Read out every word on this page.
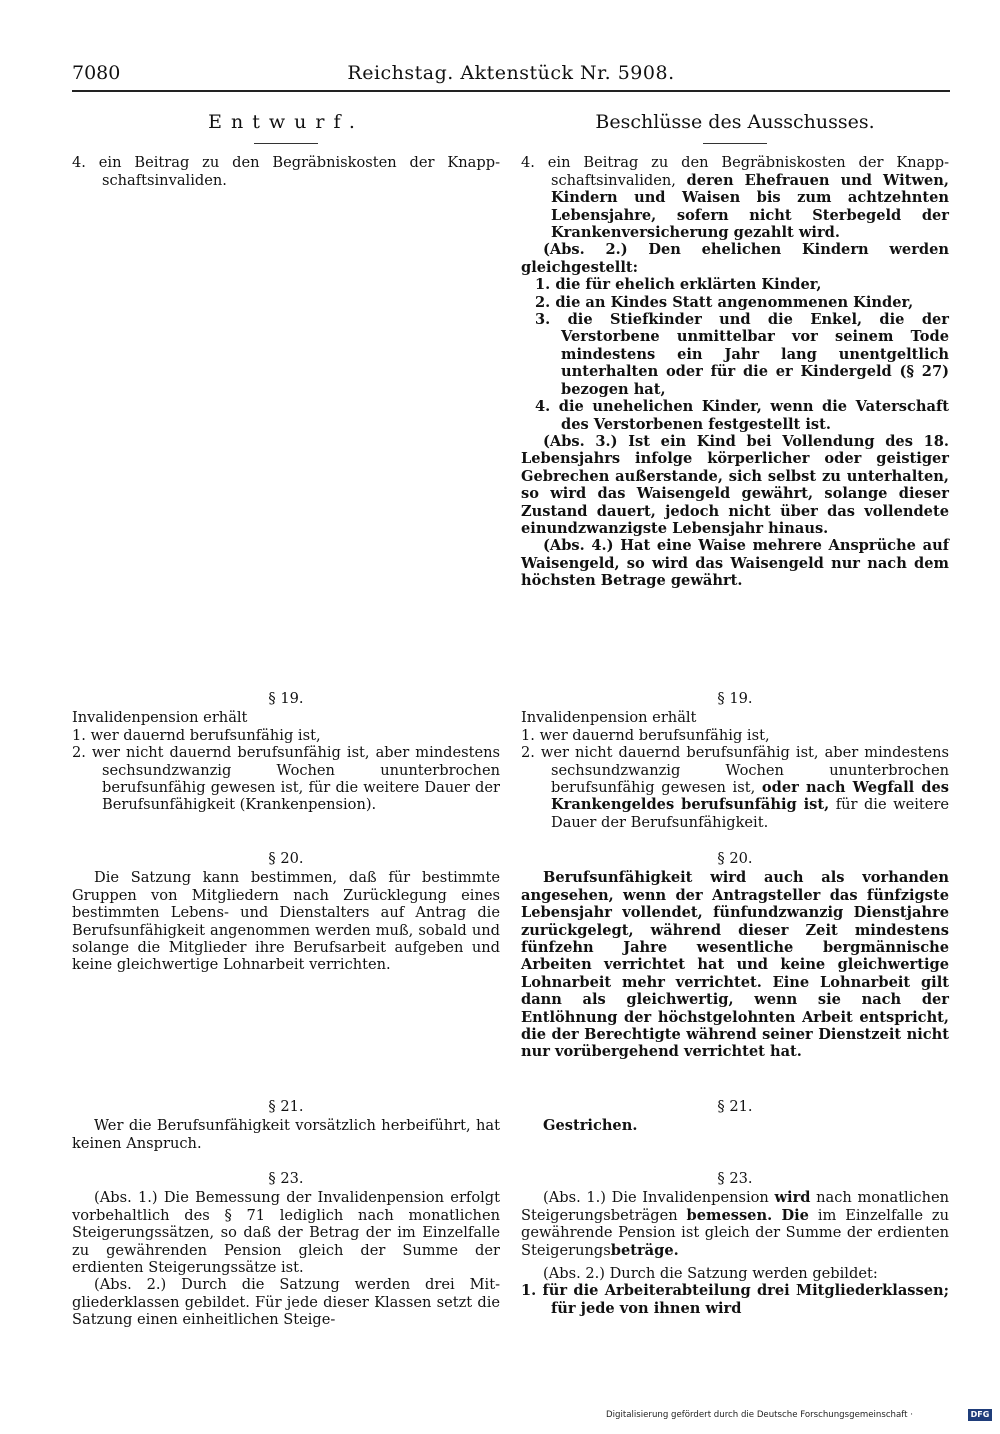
7080	Reichstag. Aktenstück Nr. 5908.
Entwurf.

4. ein Beitrag zu den Begräbniskosten der Knappschaftsinvaliden.

§ 19.

Invalidenpension erhält

1. wer dauernd berufsunfähig ist,

2. wer nicht dauernd berufsunfähig ist, aber mindestens sechsundzwanzig Wochen ununterbrochen berufsunfähig gewesen ist, für die weitere Dauer der Berufsunfähigkeit (Krankenpension).

§ 20.

Die Satzung kann bestimmen, daß für bestimmte Gruppen von Mitgliedern nach Zurücklegung eines bestimmten Lebens- und Dienstalters auf Antrag die Berufsunfähigkeit angenommen werden muß, sobald und solange die Mitglieder ihre Berufsarbeit aufgeben und keine gleichwertige Lohnarbeit verrichten.

§ 21.

Wer die Berufsunfähigkeit vorsätzlich herbeiführt, hat keinen Anspruch.

§ 23.

(Abs. 1.) Die Bemessung der Invalidenpension erfolgt vorbehaltlich des § 71 lediglich nach monatlichen Steigerungssätzen, so daß der Betrag der im Einzelfalle zu gewährenden Pension gleich der Summe der erdienten Steigerungssätze ist.

(Abs. 2.) Durch die Satzung werden drei Mitgliederklassen gebildet. Für jede dieser Klassen setzt die Satzung einen einheitlichen Steige-

Beschlüsse des Ausschusses.

4. ein Beitrag zu den Begräbniskosten der Knappschaftsinvaliden, deren Ehefrauen und Witwen, Kindern und Waisen bis zum achtzehnten Lebensjahre, sofern nicht Sterbegeld der Krankenversicherung gezahlt wird.

(Abs. 2.) Den ehelichen Kindern werden gleichgestellt:

1. die für ehelich erklärten Kinder,

2. die an Kindes Statt angenommenen Kinder,

3. die Stiefkinder und die Enkel, die der Verstorbene unmittelbar vor seinem Tode mindestens ein Jahr lang unentgeltlich unterhalten oder für die er Kindergeld (§ 27) bezogen hat,

4. die unehelichen Kinder, wenn die Vaterschaft des Verstorbenen festgestellt ist.

(Abs. 3.) Ist ein Kind bei Vollendung des 18. Lebensjahrs infolge körperlicher oder geistiger Gebrechen außerstande, sich selbst zu unterhalten, so wird das Waisengeld gewährt, solange dieser Zustand dauert, jedoch nicht über das vollendete einundzwanzigste Lebensjahr hinaus.

(Abs. 4.) Hat eine Waise mehrere Ansprüche auf Waisengeld, so wird das Waisengeld nur nach dem höchsten Betrage gewährt.

§ 19.

Invalidenpension erhält

1. wer dauernd berufsunfähig ist,

2. wer nicht dauernd berufsunfähig ist, aber mindestens sechsundzwanzig Wochen ununterbrochen berufsunfähig gewesen ist, oder nach Wegfall des Krankengeldes berufsunfähig ist, für die weitere Dauer der Berufsunfähigkeit.

§ 20.

Berufsunfähigkeit wird auch als vorhanden angesehen, wenn der Antragsteller das fünfzigste Lebensjahr vollendet, fünfundzwanzig Dienstjahre zurückgelegt, während dieser Zeit mindestens fünfzehn Jahre wesentliche bergmännische Arbeiten verrichtet hat und keine gleichwertige Lohnarbeit mehr verrichtet. Eine Lohnarbeit gilt dann als gleichwertig, wenn sie nach der Entlöhnung der höchstgelohnten Arbeit entspricht, die der Berechtigte während seiner Dienstzeit nicht nur vorübergehend verrichtet hat.

§ 21.

Gestrichen.

§ 23.

(Abs. 1.) Die Invalidenpension wird nach monatlichen Steigerungsbeträgen bemessen. Die im Einzelfalle zu gewährende Pension ist gleich der Summe der erdienten Steigerungsbeträge.

(Abs. 2.) Durch die Satzung werden gebildet:

1. für die Arbeiterabteilung drei Mitgliederklassen; für jede von ihnen wird

Digitalisierung gefördert durch die Deutsche Forschungsgemeinschaft ·	DFG
